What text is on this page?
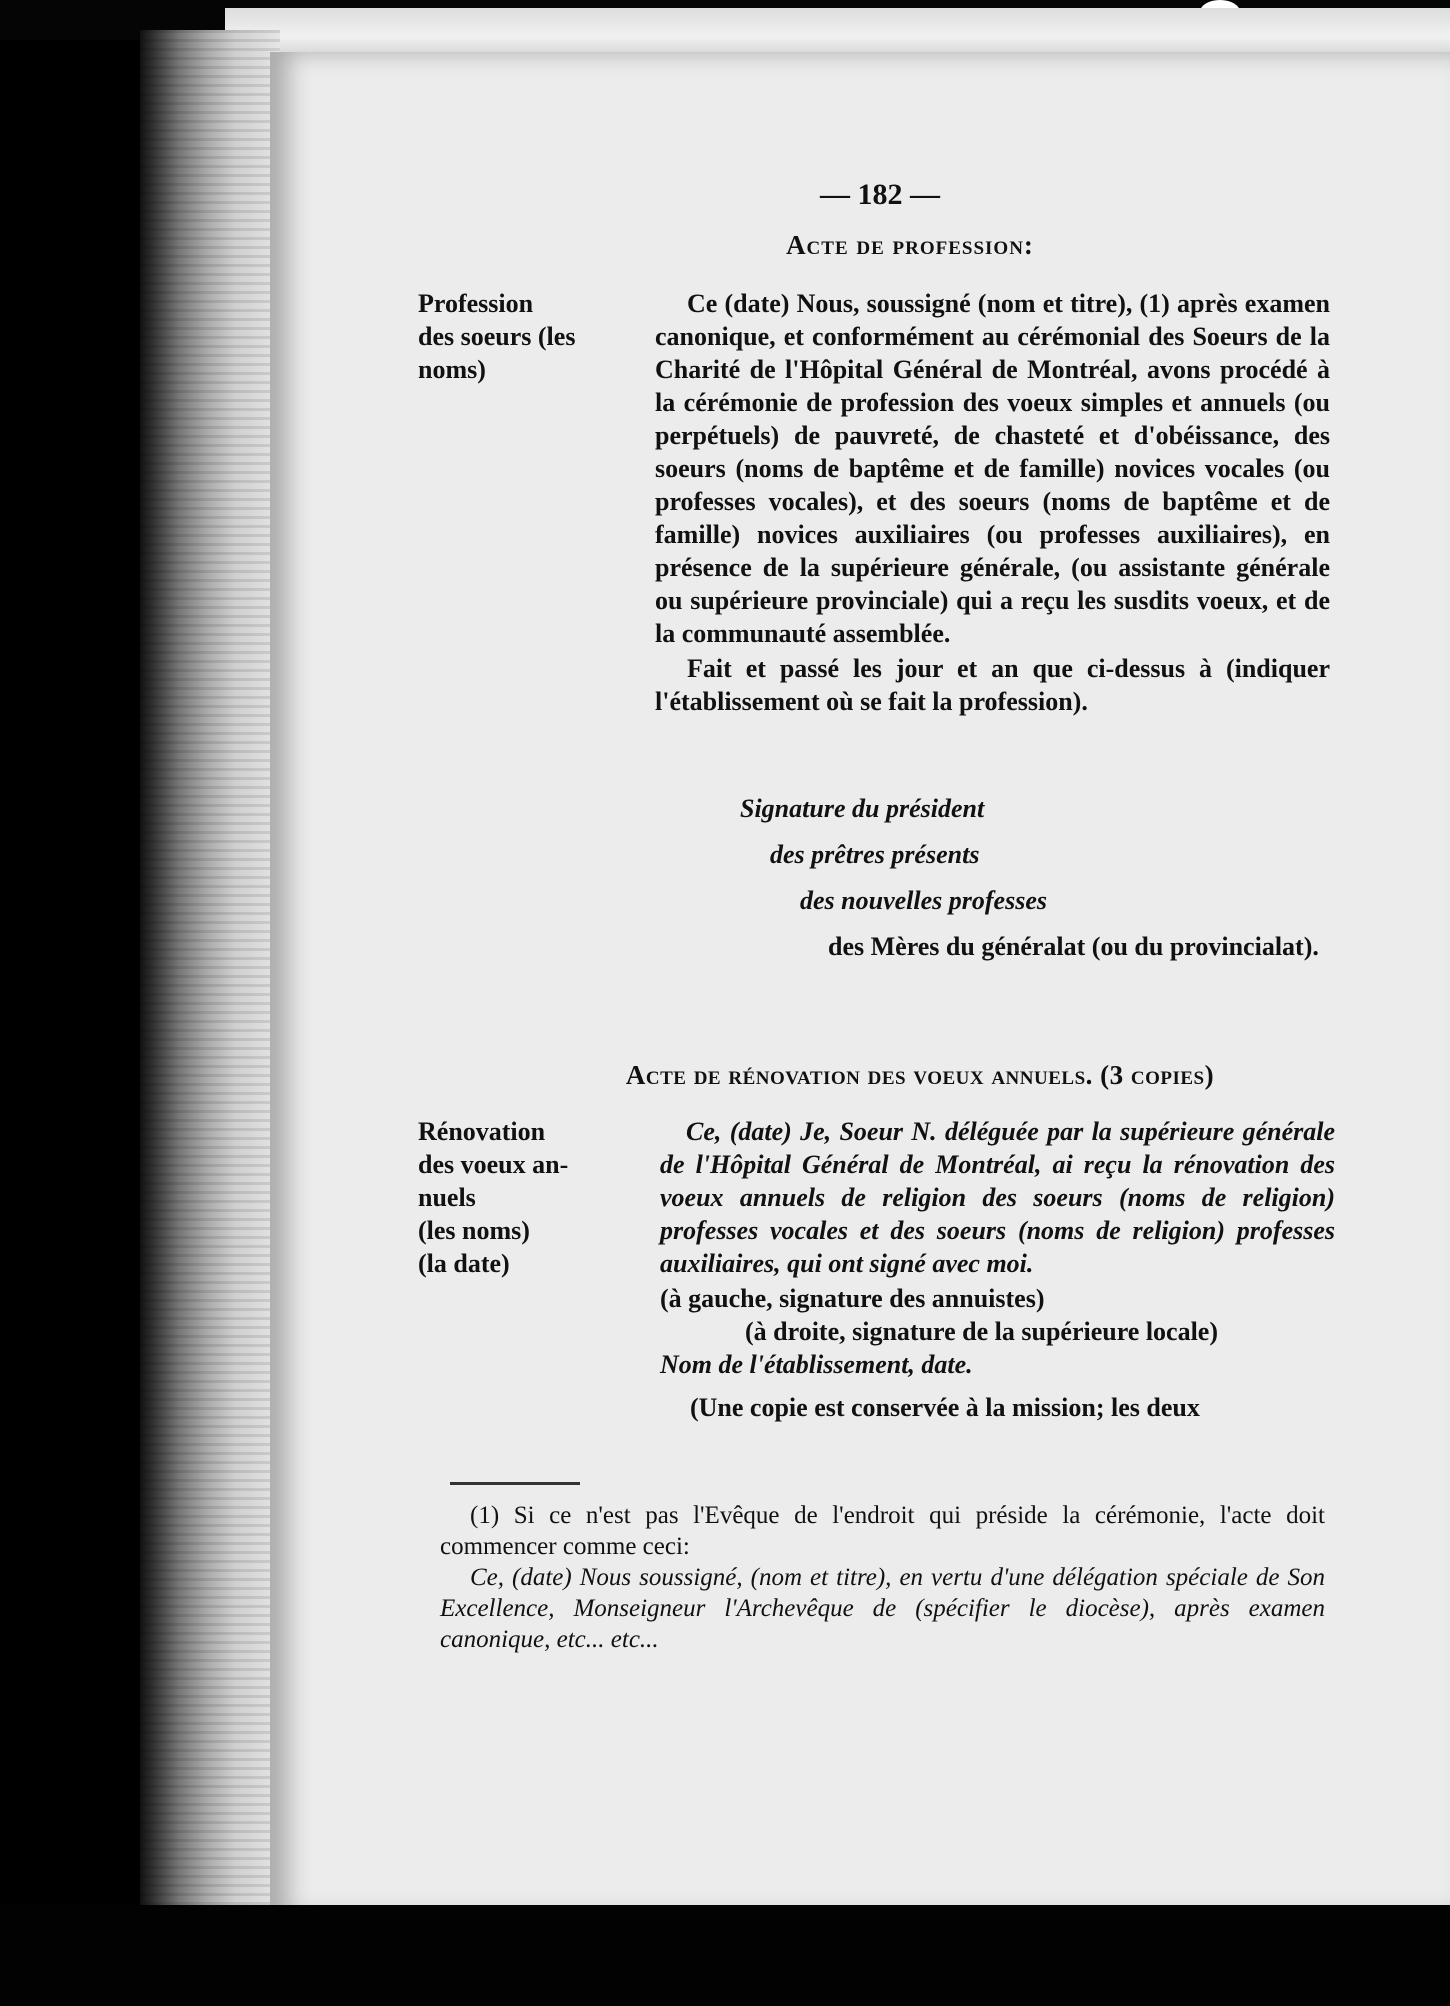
— 182 —
Acte de profession:
Profession
des soeurs (les
noms)

Ce (date) Nous, soussigné (nom et titre), (1) après examen canonique, et conformément au cérémonial des Soeurs de la Charité de l'Hôpital Général de Montréal, avons procédé à la cérémonie de profession des voeux simples et annuels (ou perpétuels) de pauvreté, de chasteté et d'obéissance, des soeurs (noms de baptême et de famille) novices vocales (ou professes vocales), et des soeurs (noms de baptême et de famille) novices auxiliaires (ou professes auxiliaires), en présence de la supérieure générale, (ou assistante générale ou supérieure provinciale) qui a reçu les susdits voeux, et de la communauté assemblée.

Fait et passé les jour et an que ci-dessus à (indiquer l'établissement où se fait la profession).

Signature du président
des prêtres présents
des nouvelles professes
des Mères du généralat (ou du provincialat).
Acte de rénovation des voeux annuels. (3 copies)
Rénovation
des voeux an-
nuels
(les noms)
(la date)

Ce, (date) Je, Soeur N. déléguée par la supérieure générale de l'Hôpital Général de Montréal, ai reçu la rénovation des voeux annuels de religion des soeurs (noms de religion) professes vocales et des soeurs (noms de religion) professes auxiliaires, qui ont signé avec moi.

(à gauche, signature des annuistes)

(à droite, signature de la supérieure locale)

Nom de l'établissement, date.

(Une copie est conservée à la mission; les deux

(1) Si ce n'est pas l'Evêque de l'endroit qui préside la cérémonie, l'acte doit commencer comme ceci:

Ce, (date) Nous soussigné, (nom et titre), en vertu d'une délégation spéciale de Son Excellence, Monseigneur l'Archevêque de (spécifier le diocèse), après examen canonique, etc... etc...
